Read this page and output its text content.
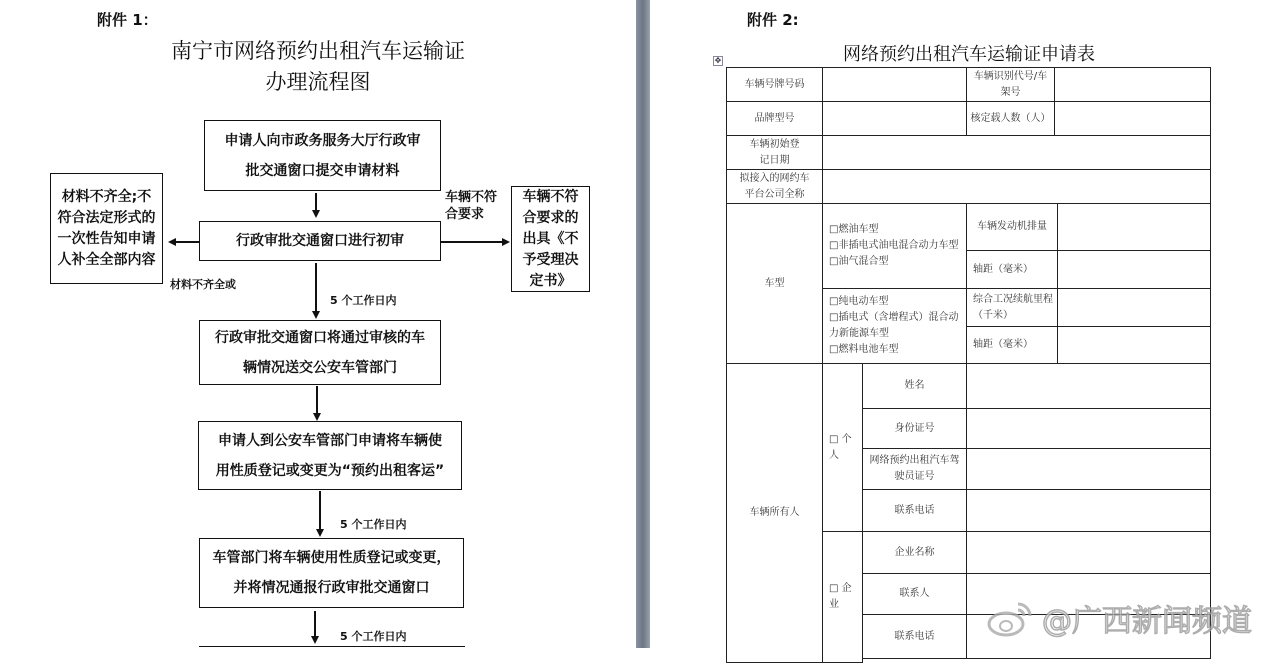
附件 1：
南宁市网络预约出租汽车运输证
办理流程图
申请人向市政务服务大厅行政审
批交通窗口提交申请材料
行政审批交通窗口进行初审
材料不齐全;不符合法定形式的一次性告知申请人补全全部内容
车辆不符合要求的出具《不予受理决定书》
车辆不符合要求
材料不齐全或
5 个工作日内
行政审批交通窗口将通过审核的车
辆情况送交公安车管部门
申请人到公安车管部门申请将车辆使
用性质登记或变更为“预约出租客运”
5 个工作日内
车管部门将车辆使用性质登记或变更，
并将情况通报行政审批交通窗口
5 个工作日内
附件 2:
网络预约出租汽车运输证申请表
✥
车辆号牌号码
车辆识别代号/车架号
品牌型号	核定载人数（人）
车辆初始登记日期
拟接入的网约车平台公司全称
车型
□燃油车型
□非插电式油电混合动力车型
□油气混合型
□纯电动车型
□插电式（含增程式）混合动力新能源车型
□燃料电池车型
车辆发动机排量
轴距（毫米）
综合工况续航里程（千米）
轴距（毫米）
车辆所有人
□ 个人
□ 企业
姓名
身份证号
网络预约出租汽车驾驶员证号
联系电话
企业名称
联系人
联系电话	@广西新闻频道
